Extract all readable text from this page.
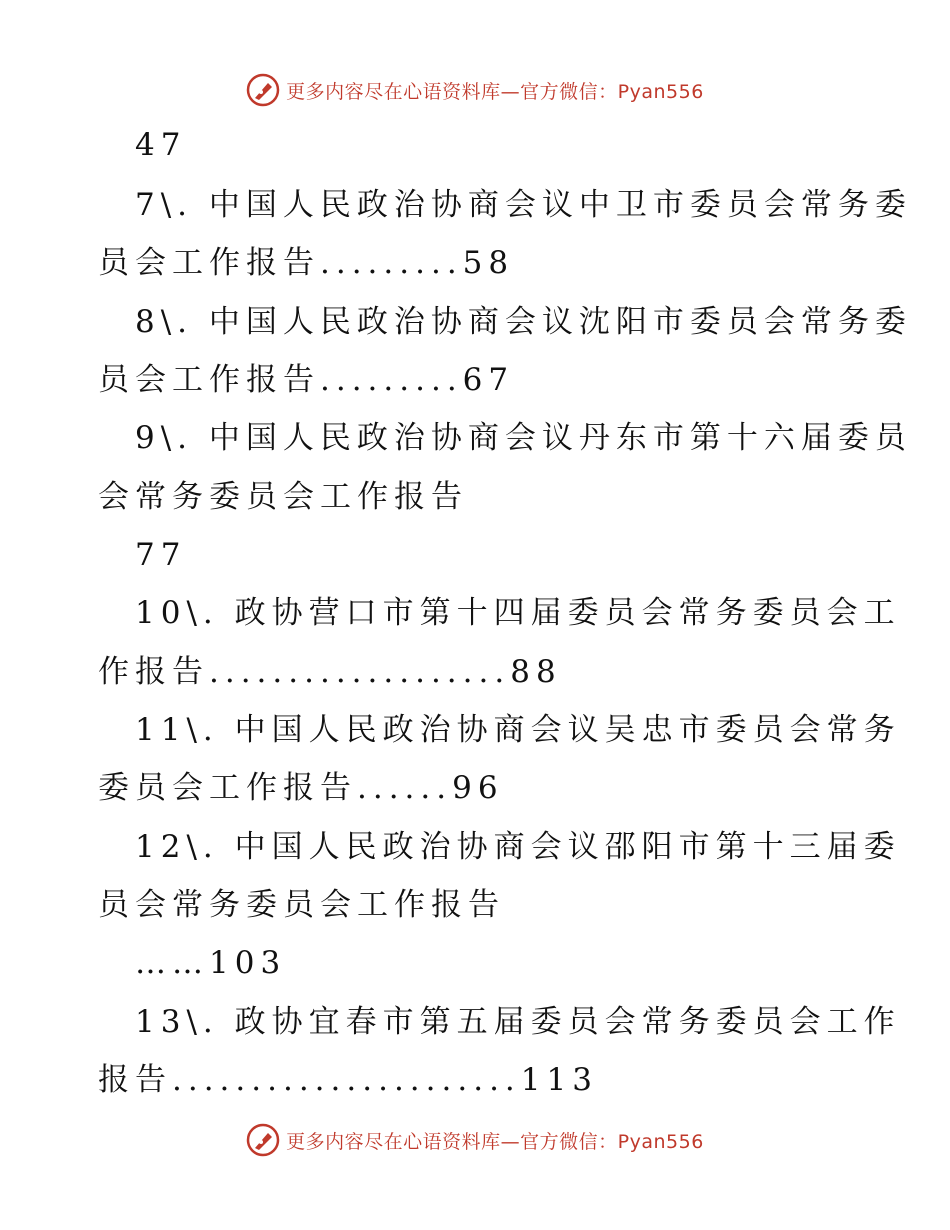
更多内容尽在心语资料库—官方微信：Pyan556
47
7\. 中国人民政治协商会议中卫市委员会常务委
员会工作报告.........58
8\. 中国人民政治协商会议沈阳市委员会常务委
员会工作报告.........67
9\. 中国人民政治协商会议丹东市第十六届委员
会常务委员会工作报告
77
10\. 政协营口市第十四届委员会常务委员会工
作报告...................88
11\. 中国人民政治协商会议吴忠市委员会常务
委员会工作报告......96
12\. 中国人民政治协商会议邵阳市第十三届委
员会常务委员会工作报告
……103
13\. 政协宜春市第五届委员会常务委员会工作
报告......................113
更多内容尽在心语资料库—官方微信：Pyan556
